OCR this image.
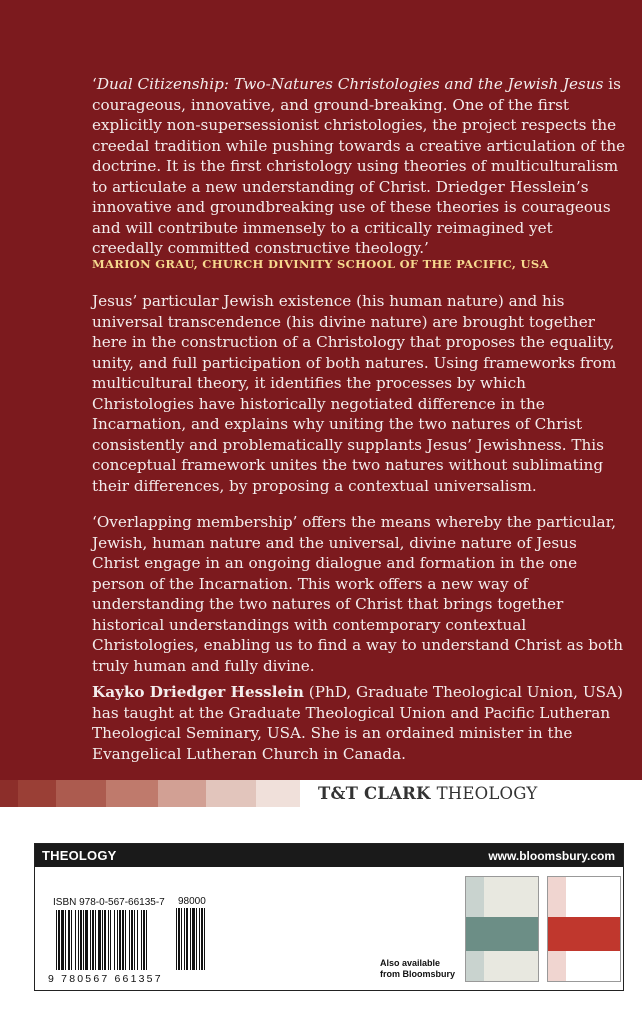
‘Dual Citizenship: Two-Natures Christologies and the Jewish Jesus is courageous, innovative, and ground-breaking. One of the first explicitly non-supersessionist christologies, the project respects the creedal tradition while pushing towards a creative articulation of the doctrine. It is the first christology using theories of multiculturalism to articulate a new understanding of Christ. Driedger Hesslein’s innovative and groundbreaking use of these theories is courageous and will contribute immensely to a critically reimagined yet creedally committed constructive theology.’
MARION GRAU, CHURCH DIVINITY SCHOOL OF THE PACIFIC, USA
Jesus’ particular Jewish existence (his human nature) and his universal transcendence (his divine nature) are brought together here in the construction of a Christology that proposes the equality, unity, and full participation of both natures. Using frameworks from multicultural theory, it identifies the processes by which Christologies have historically negotiated difference in the Incarnation, and explains why uniting the two natures of Christ consistently and problematically supplants Jesus’ Jewishness. This conceptual framework unites the two natures without sublimating their differences, by proposing a contextual universalism.
‘Overlapping membership’ offers the means whereby the particular, Jewish, human nature and the universal, divine nature of Jesus Christ engage in an ongoing dialogue and formation in the one person of the Incarnation. This work offers a new way of understanding the two natures of Christ that brings together historical understandings with contemporary contextual Christologies, enabling us to find a way to understand Christ as both truly human and fully divine.
Kayko Driedger Hesslein (PhD, Graduate Theological Union, USA) has taught at the Graduate Theological Union and Pacific Lutheran Theological Seminary, USA. She is an ordained minister in the Evangelical Lutheran Church in Canada.
T&T CLARK THEOLOGY
THEOLOGY	www.bloomsbury.com
98000
9 780567 661357
ISBN 978-0-567-66135-7
Also available
from Bloomsbury
